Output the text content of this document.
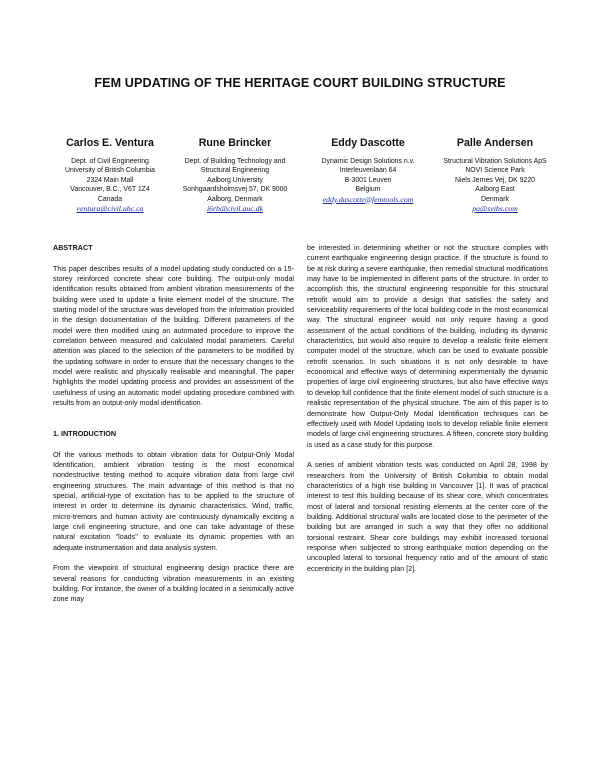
FEM UPDATING OF THE HERITAGE COURT BUILDING STRUCTURE
Carlos E. Ventura
Dept. of Civil Engineering
University of British Columbia
2324 Main Mall
Vancouver, B.C., V6T 1Z4
Canada
ventura@civil.ubc.ca
Rune Brincker
Dept. of Building Technology and
Structural Engineering
Aalborg University
Sonhgaardsholmsvej 57, DK 9000
Aalborg, Denmark
i6rb@civil.auc.dk
Eddy Dascotte
Dynamic Design Solutions n.v.
Interleuvenlaan 64
B-3001 Leuven
Belgium
eddy.dascotte@femtools.com
Palle Andersen
Structural Vibration Solutions ApS
NOVI Science Park
Niels Jernes Vej, DK 9220
Aalborg East
Denmark
pa@svibs.com
ABSTRACT

This paper describes results of a model updating study conducted on a 15-storey reinforced concrete shear core building. The output-only modal identification results obtained from ambient vibration measurements of the building were used to update a finite element model of the structure. The starting model of the structure was developed from the information provided in the design documentation of the building. Different parameters of the model were then modified using an automated procedure to improve the correlation between measured and calculated modal parameters. Careful attention was placed to the selection of the parameters to be modified by the updating software in order to ensure that the necessary changes to the model were realistic and physically realisable and meaningfull. The paper highlights the model updating process and provides an assessment of the usefulness of using an automatic model updating procedure combined with results from an output-only modal identification.

1. INTRODUCTION

Of the various methods to obtain vibration data for Output-Only Modal Identification, ambient vibration testing is the most economical nondestructive testing method to acquire vibration data from large civil engineering structures. The main advantage of this method is that no special, artificial-type of excitation has to be applied to the structure of interest in order to determine its dynamic characteristics. Wind, traffic, micro-tremors and human activity are continuously dynamically exciting a large civil engineering structure, and one can take advantage of these natural excitation "loads" to evaluate its dynamic properties with an adequate instrumentation and data analysis system.

From the viewpoint of structural engineering design practice there are several reasons for conducting vibration measurements in an existing building. For instance, the owner of a building located in a seismically active zone may

be interested in determining whether or not the structure complies with current earthquake engineering design practice. If the structure is found to be at risk during a severe earthquake, then remedial structural modifications may have to be implemented in different parts of the structure. In order to accomplish this, the structural engineering responsible for this structural retrofit would aim to provide a design that satisfies the safety and serviceability requirements of the local building code in the most economical way. The structural engineer would not only require having a good assessment of the actual conditions of the building, including its dynamic characteristics, but would also require to develop a realistic finite element computer model of the structure, which can be used to evaluate possible retrofit scenarios. In such situations it is not only desirable to have economical and effective ways of determining experimentally the dynamic properties of large civil engineering structures, but also have effective ways to develop full confidence that the finite element model of such structure is a realistic representation of the physical structure. The aim of this paper is to demonstrate how Output-Only Modal Identification techniques can be effectively used with Model Updating tools to develop reliable finite element models of large civil engineering structures. A fifteen, concrete story building is used as a case study for this purpose.

A series of ambient vibration tests was conducted on April 28, 1998 by researchers from the University of British Columbia to obtain modal characteristics of a high rise building in Vancouver [1]. It was of practical interest to test this building because of its shear core, which concentrates most of lateral and torsional resisting elements at the center core of the building. Additional structural walls are located close to the perimeter of the building but are arranged in such a way that they offer no additional torsional restraint. Shear core buildings may exhibit increased torsional response when subjected to strong earthquake motion depending on the uncoupled lateral to torsional frequency ratio and of the amount of static eccentricity in the building plan [2].
